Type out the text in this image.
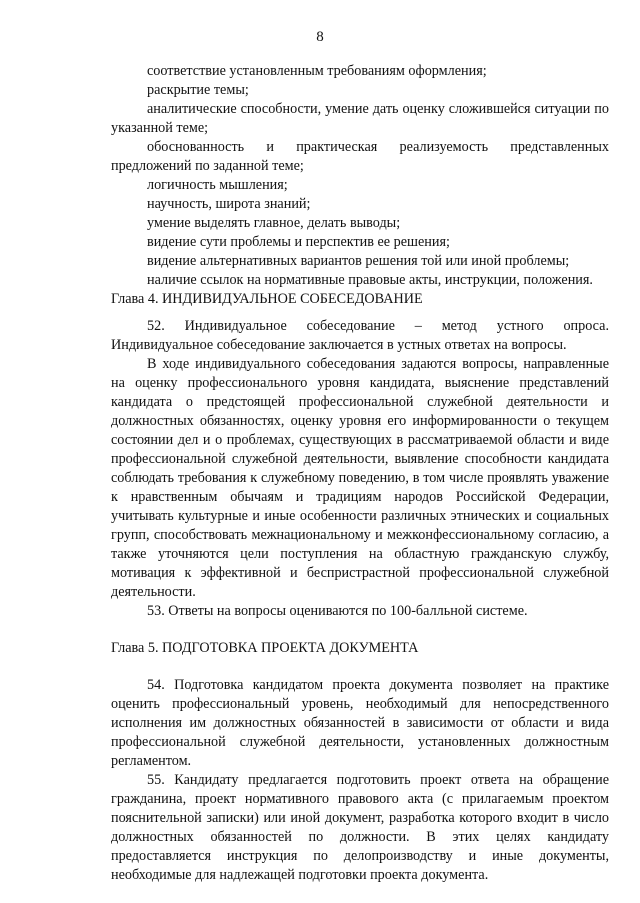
8

соответствие установленным требованиям оформления;

раскрытие темы;

аналитические способности, умение дать оценку сложившейся ситуации по указанной теме;

обоснованность и практическая реализуемость представленных предложений по заданной теме;

логичность мышления;

научность, широта знаний;

умение выделять главное, делать выводы;

видение сути проблемы и перспектив ее решения;

видение альтернативных вариантов решения той или иной проблемы;

наличие ссылок на нормативные правовые акты, инструкции, положения.

Глава 4. ИНДИВИДУАЛЬНОЕ СОБЕСЕДОВАНИЕ

52. Индивидуальное собеседование – метод устного опроса. Индивидуальное собеседование заключается в устных ответах на вопросы.

В ходе индивидуального собеседования задаются вопросы, направленные на оценку профессионального уровня кандидата, выяснение представлений кандидата о предстоящей профессиональной служебной деятельности и должностных обязанностях, оценку уровня его информированности о текущем состоянии дел и о проблемах, существующих в рассматриваемой области и виде профессиональной служебной деятельности, выявление способности кандидата соблюдать требования к служебному поведению, в том числе проявлять уважение к нравственным обычаям и традициям народов Российской Федерации, учитывать культурные и иные особенности различных этнических и социальных групп, способствовать межнациональному и межконфессиональному согласию, а также уточняются цели поступления на областную гражданскую службу, мотивация к эффективной и беспристрастной профессиональной служебной деятельности.

53. Ответы на вопросы оцениваются по 100-балльной системе.

Глава 5. ПОДГОТОВКА ПРОЕКТА ДОКУМЕНТА

54. Подготовка кандидатом проекта документа позволяет на практике оценить профессиональный уровень, необходимый для непосредственного исполнения им должностных обязанностей в зависимости от области и вида профессиональной служебной деятельности, установленных должностным регламентом.

55. Кандидату предлагается подготовить проект ответа на обращение гражданина, проект нормативного правового акта (с прилагаемым проектом пояснительной записки) или иной документ, разработка которого входит в число должностных обязанностей по должности. В этих целях кандидату предоставляется инструкция по делопроизводству и иные документы, необходимые для надлежащей подготовки проекта документа.
